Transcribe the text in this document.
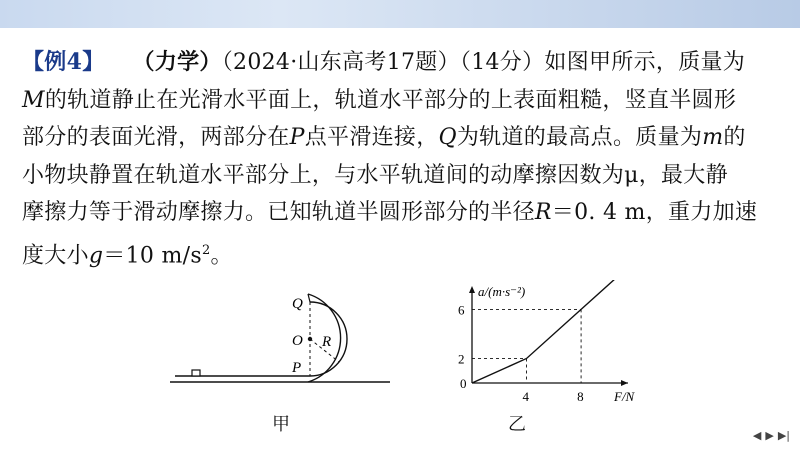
【例4】 （力学）（2024·山东高考17题）（14分）如图甲所示，质量为

M的轨道静止在光滑水平面上，轨道水平部分的上表面粗糙，竖直半圆形

部分的表面光滑，两部分在P点平滑连接，Q为轨道的最高点。质量为m的

小物块静置在轨道水平部分上，与水平轨道间的动摩擦因数为μ，最大静

摩擦力等于滑动摩擦力。已知轨道半圆形部分的半径R＝0. 4 m，重力加速

度大小g＝10 $m/s^2$。

Q
O R
P
甲
0
4	8
2
6
a/(m·s⁻²)
F/N
乙
◀ ▶ ▶|
